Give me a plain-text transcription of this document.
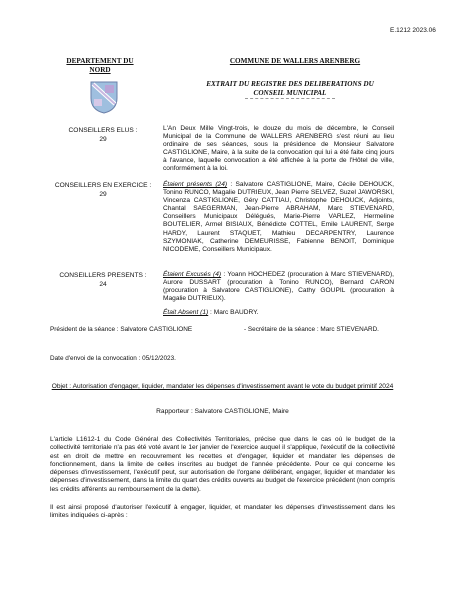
E.1212 2023.06
DEPARTEMENT DU NORD
COMMUNE DE WALLERS ARENBERG
EXTRAIT DU REGISTRE DES DELIBERATIONS DU CONSEIL MUNICIPAL
CONSEILLERS ELUS :
29
L'An Deux Mille Vingt-trois, le douze du mois de décembre, le Conseil Municipal de la Commune de WALLERS ARENBERG s'est réuni au lieu ordinaire de ses séances, sous la présidence de Monsieur Salvatore CASTIGLIONE, Maire, à la suite de la convocation qui lui a été faite cinq jours à l'avance, laquelle convocation a été affichée à la porte de l'Hôtel de ville, conformément à la loi.
CONSEILLERS EN EXERCICE :
29
Étaient présents (24) : Salvatore CASTIGLIONE, Maire, Cécile DEHOUCK, Tonino RUNCO, Magalie DUTRIEUX, Jean Pierre SELVEZ, Suzel JAWORSKI, Vincenza CASTIGLIONE, Géry CATTIAU, Christophe DEHOUCK, Adjoints, Chantal SAEGERMAN, Jean-Pierre ABRAHAM, Marc STIEVENARD, Conseillers Municipaux Délégués, Marie-Pierre VARLEZ, Hermeline BOUTELIER, Armel BISIAUX, Bénédicte COTTEL, Emile LAURENT, Serge HARDY, Laurent STAQUET, Mathieu DECARPENTRY, Laurence SZYMONIAK, Catherine DEMEURISSE, Fabienne BENOIT, Dominique NICODEME, Conseillers Municipaux.
CONSEILLERS PRESENTS :
24
Étaient Excusés (4) : Yoann HOCHEDEZ (procuration à Marc STIEVENARD), Aurore DUSSART (procuration à Tonino RUNCO), Bernard CARON (procuration à Salvatore CASTIGLIONE), Cathy GOUPIL (procuration à Magalie DUTRIEUX).
Était Absent (1) : Marc BAUDRY.
Président de la séance : Salvatore CASTIGLIONE	- Secrétaire de la séance : Marc STIEVENARD.
Date d'envoi de la convocation : 05/12/2023.
Objet : Autorisation d'engager, liquider, mandater les dépenses d'investissement avant le vote du budget primitif 2024
Rapporteur : Salvatore CASTIGLIONE, Maire
L'article L1612-1 du Code Général des Collectivités Territoriales, précise que dans le cas où le budget de la collectivité territoriale n'a pas été voté avant le 1er janvier de l'exercice auquel il s'applique, l'exécutif de la collectivité est en droit de mettre en recouvrement les recettes et d'engager, liquider et mandater les dépenses de fonctionnement, dans la limite de celles inscrites au budget de l'année précédente. Pour ce qui concerne les dépenses d'investissement, l'exécutif peut, sur autorisation de l'organe délibérant, engager, liquider et mandater les dépenses d'investissement, dans la limite du quart des crédits ouverts au budget de l'exercice précédent (non compris les crédits afférents au remboursement de la dette).
Il est ainsi proposé d'autoriser l'exécutif à engager, liquider, et mandater les dépenses d'investissement dans les limites indiquées ci-après :
